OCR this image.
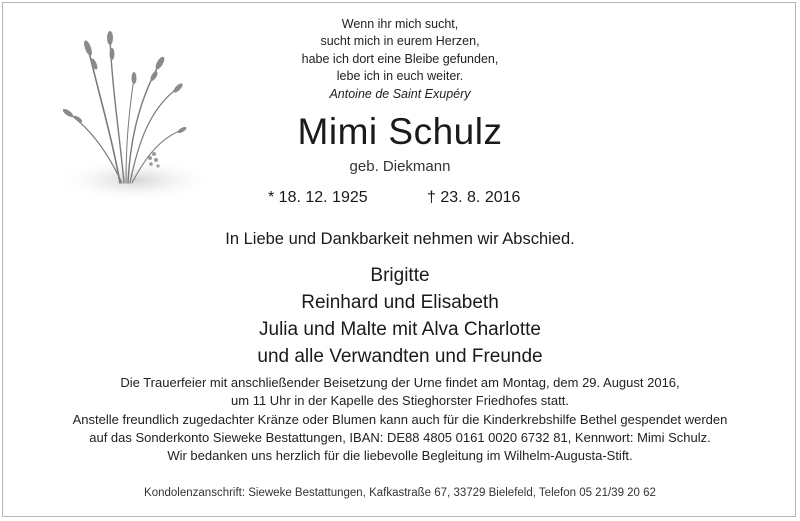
Wenn ihr mich sucht,
sucht mich in eurem Herzen,
habe ich dort eine Bleibe gefunden,
lebe ich in euch weiter.
Antoine de Saint Exupéry
Mimi Schulz
geb. Diekmann
* 18. 12. 1925	† 23. 8. 2016
In Liebe und Dankbarkeit nehmen wir Abschied.
Brigitte
Reinhard und Elisabeth
Julia und Malte mit Alva Charlotte
und alle Verwandten und Freunde
Die Trauerfeier mit anschließender Beisetzung der Urne findet am Montag, dem 29. August 2016,
um 11 Uhr in der Kapelle des Stieghorster Friedhofes statt.
Anstelle freundlich zugedachter Kränze oder Blumen kann auch für die Kinderkrebshilfe Bethel gespendet werden
auf das Sonderkonto Sieweke Bestattungen, IBAN: DE88 4805 0161 0020 6732 81, Kennwort: Mimi Schulz.
Wir bedanken uns herzlich für die liebevolle Begleitung im Wilhelm-Augusta-Stift.
Kondolenzanschrift: Sieweke Bestattungen, Kafkastraße 67, 33729 Bielefeld, Telefon 05 21/39 20 62
